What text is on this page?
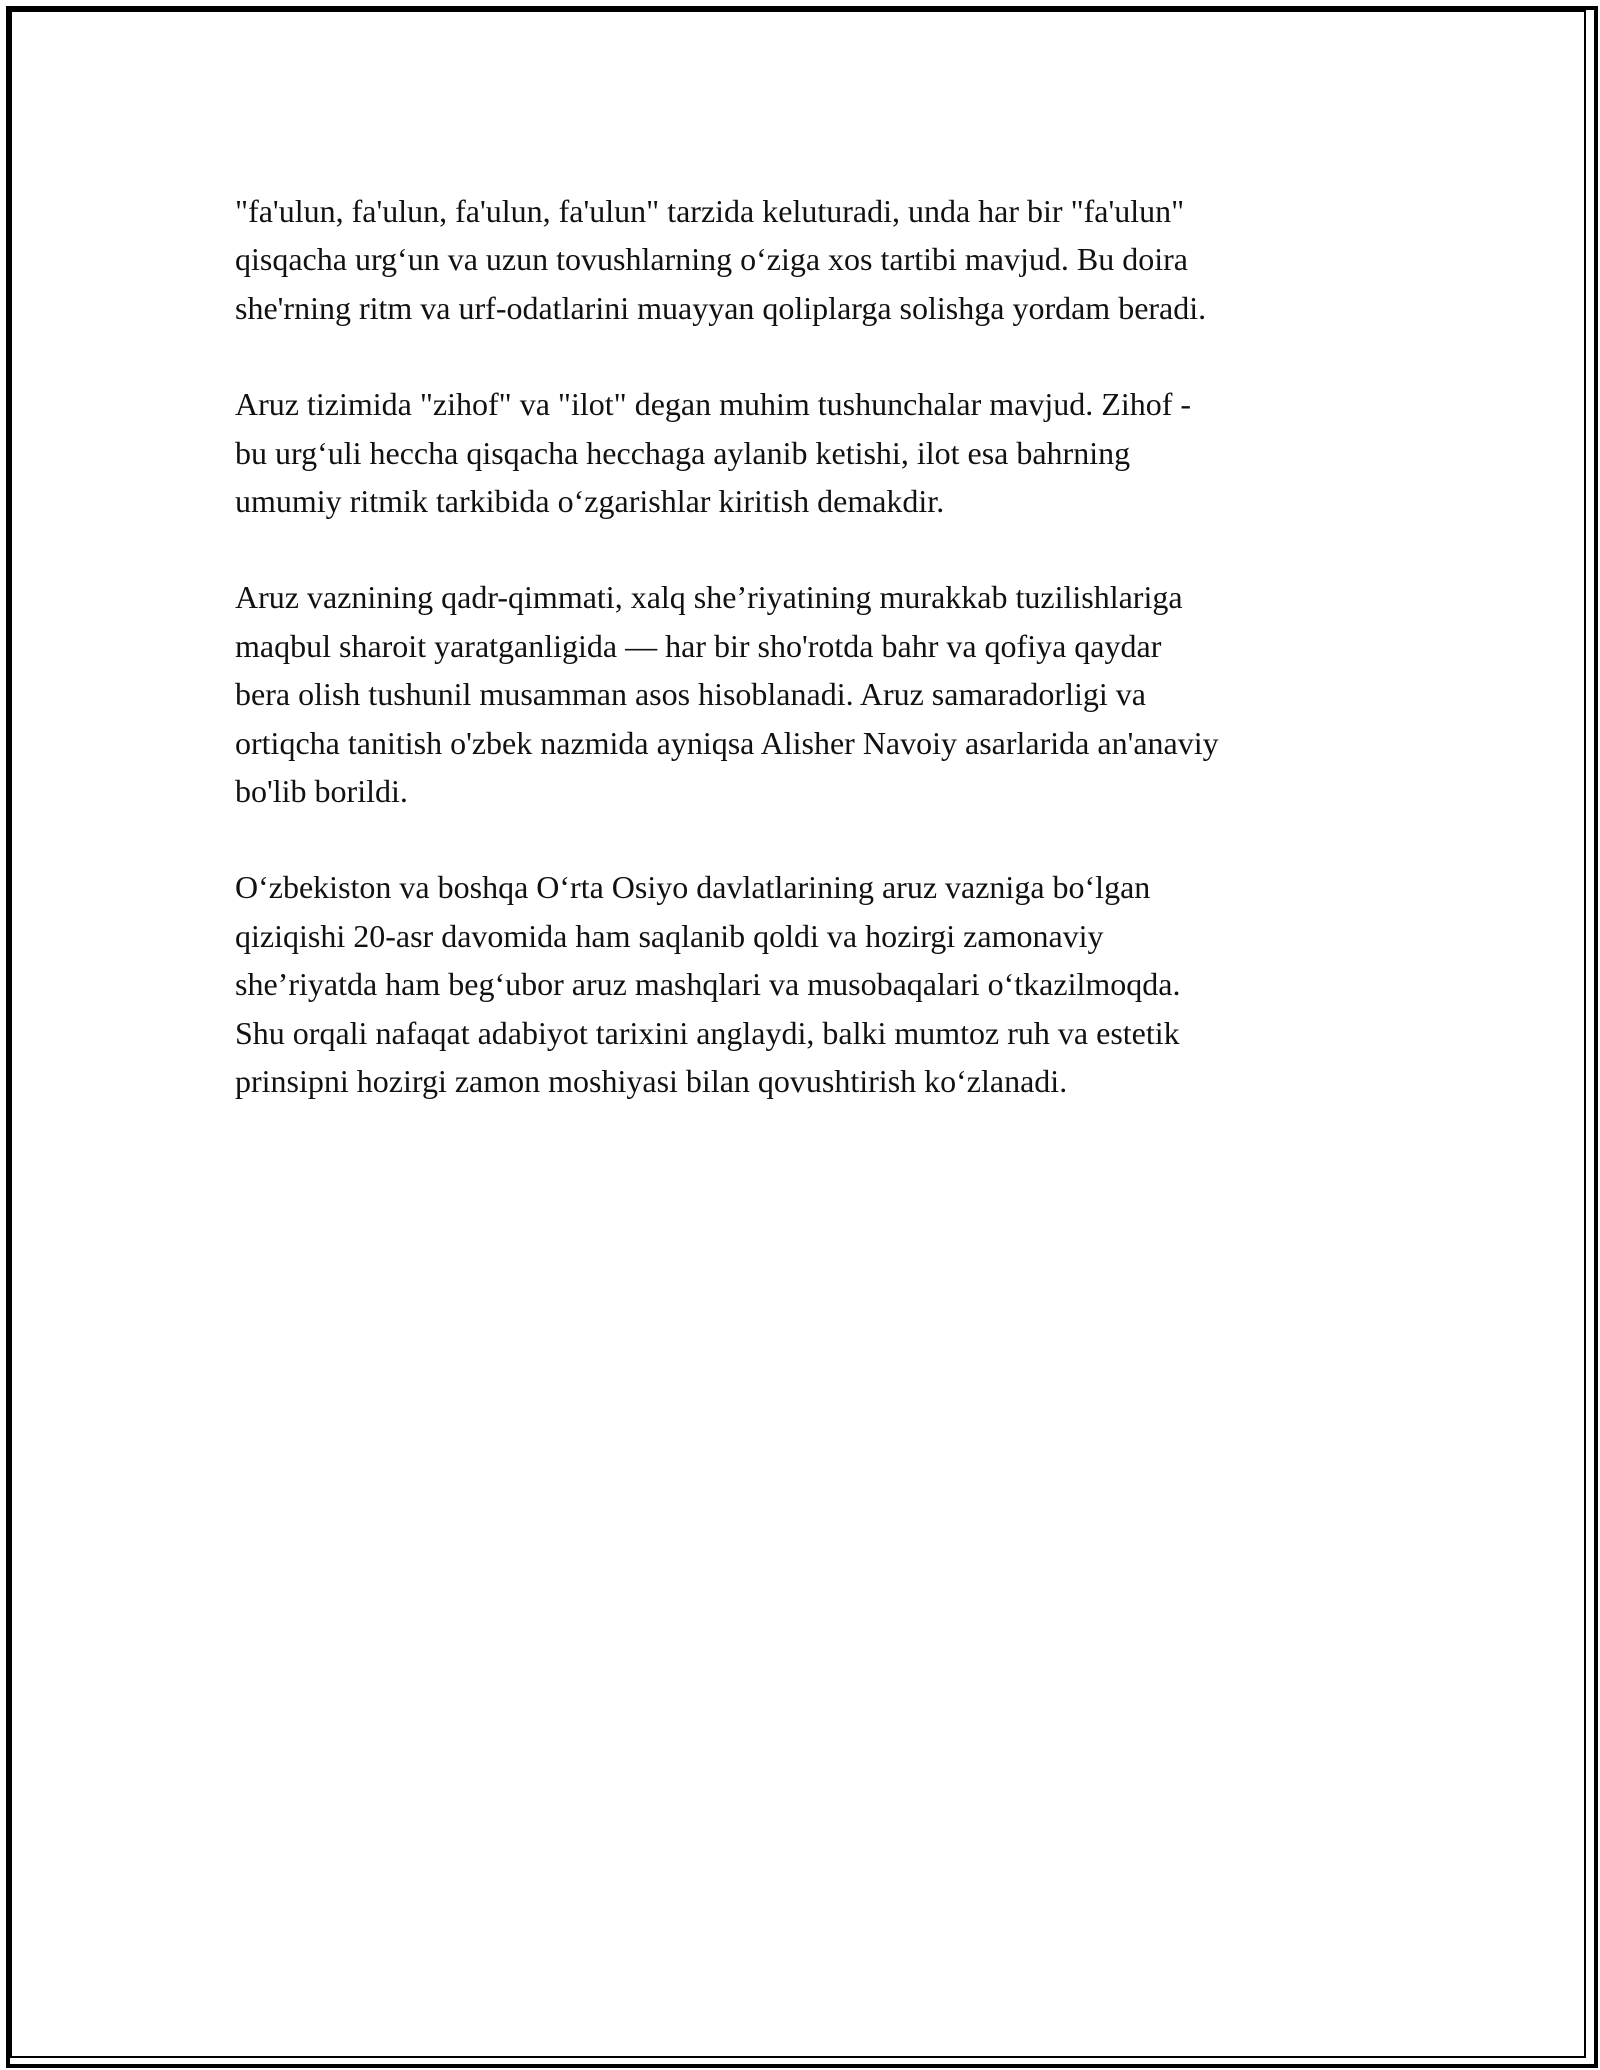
"fa'ulun, fa'ulun, fa'ulun, fa'ulun" tarzida keluturadi, unda har bir "fa'ulun"
qisqacha urg‘un va uzun tovushlarning o‘ziga xos tartibi mavjud. Bu doira
she'rning ritm va urf-odatlarini muayyan qoliplarga solishga yordam beradi.

Aruz tizimida "zihof" va "ilot" degan muhim tushunchalar mavjud. Zihof -
bu urg‘uli heccha qisqacha hecchaga aylanib ketishi, ilot esa bahrning
umumiy ritmik tarkibida o‘zgarishlar kiritish demakdir.

Aruz vaznining qadr-qimmati, xalq she’riyatining murakkab tuzilishlariga
maqbul sharoit yaratganligida — har bir sho'rotda bahr va qofiya qaydar
bera olish tushunil musamman asos hisoblanadi. Aruz samaradorligi va
ortiqcha tanitish o'zbek nazmida ayniqsa Alisher Navoiy asarlarida an'anaviy
bo'lib borildi.

O‘zbekiston va boshqa O‘rta Osiyo davlatlarining aruz vazniga bo‘lgan
qiziqishi 20-asr davomida ham saqlanib qoldi va hozirgi zamonaviy
she’riyatda ham beg‘ubor aruz mashqlari va musobaqalari o‘tkazilmoqda.
Shu orqali nafaqat adabiyot tarixini anglaydi, balki mumtoz ruh va estetik
prinsipni hozirgi zamon moshiyasi bilan qovushtirish ko‘zlanadi.
